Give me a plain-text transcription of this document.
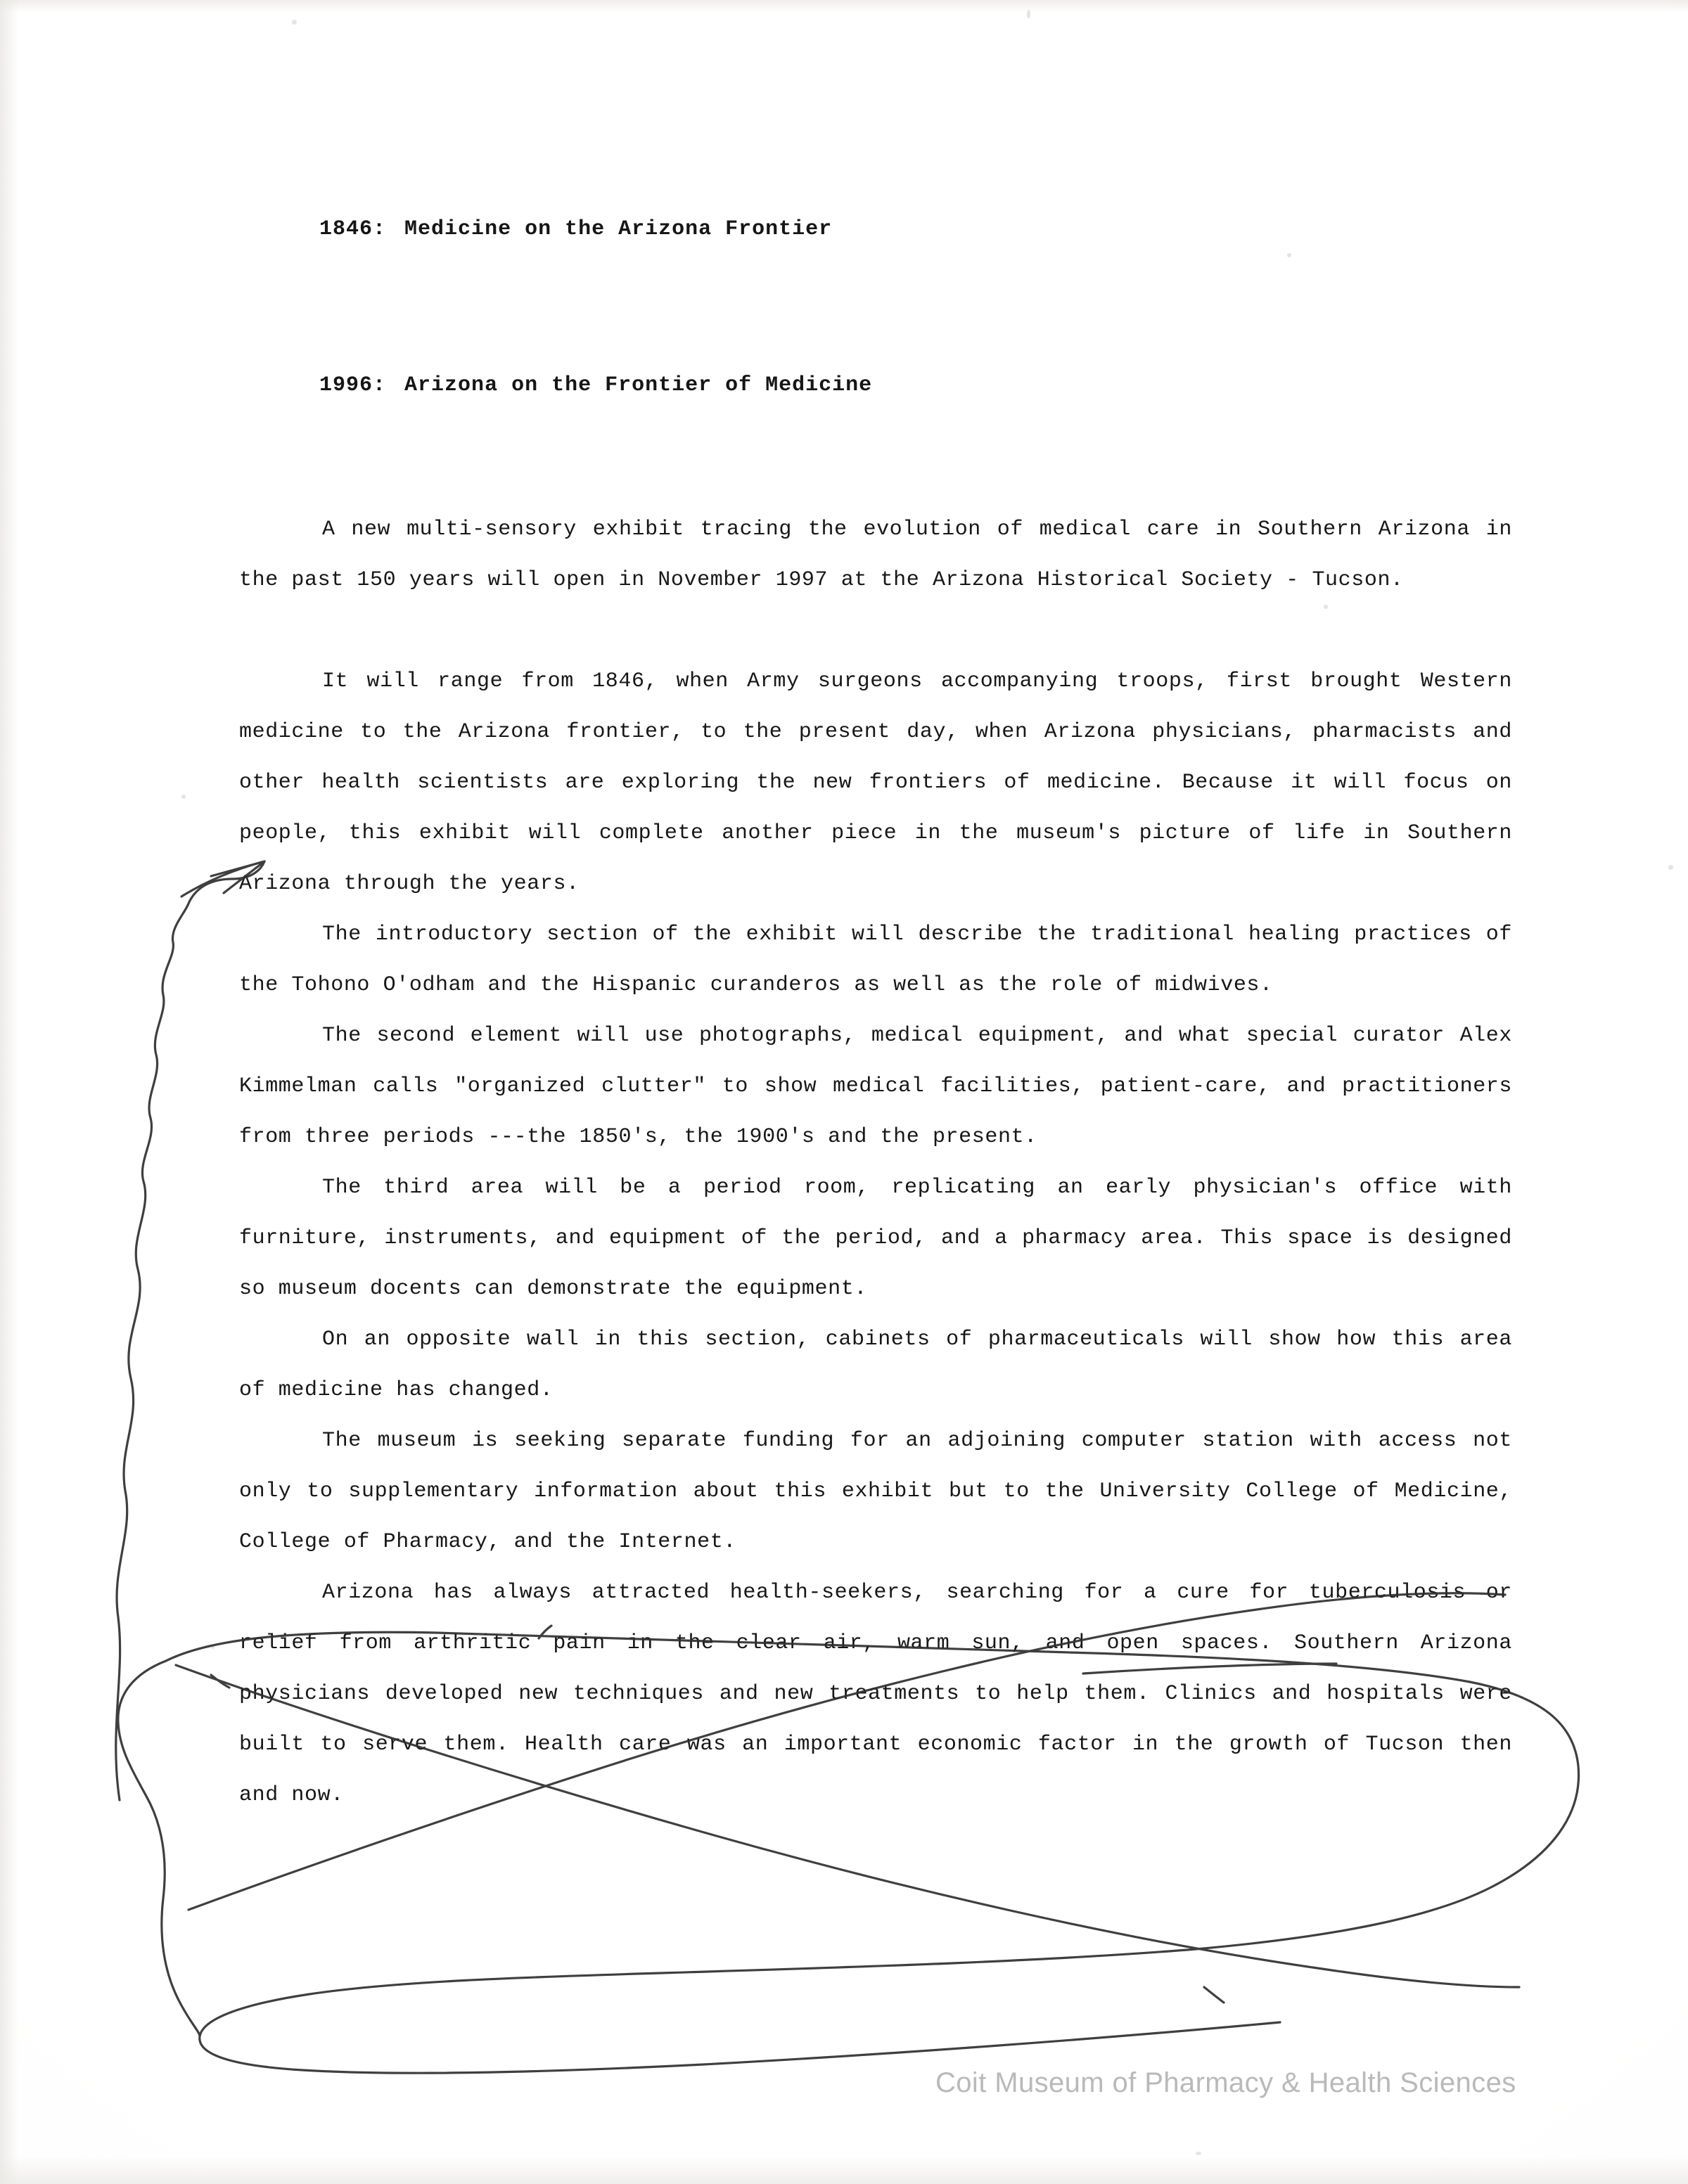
1846: Medicine on the Arizona Frontier

1996: Arizona on the Frontier of Medicine

A new multi-sensory exhibit tracing the evolution of medical care in Southern Arizona in the past 150 years will open in November 1997 at the Arizona Historical Society - Tucson.

It will range from 1846, when Army surgeons accompanying troops, first brought Western medicine to the Arizona frontier, to the present day, when Arizona physicians, pharmacists and other health scientists are exploring the new frontiers of medicine. Because it will focus on people, this exhibit will complete another piece in the museum's picture of life in Southern Arizona through the years.

The introductory section of the exhibit will describe the traditional healing practices of the Tohono O'odham and the Hispanic curanderos as well as the role of midwives.

The second element will use photographs, medical equipment, and what special curator Alex Kimmelman calls "organized clutter" to show medical facilities, patient-care, and practitioners from three periods ---the 1850's, the 1900's and the present.

The third area will be a period room, replicating an early physician's office with furniture, instruments, and equipment of the period, and a pharmacy area. This space is designed so museum docents can demonstrate the equipment.

On an opposite wall in this section, cabinets of pharmaceuticals will show how this area of medicine has changed.

The museum is seeking separate funding for an adjoining computer station with access not only to supplementary information about this exhibit but to the University College of Medicine, College of Pharmacy, and the Internet.

Arizona has always attracted health-seekers, searching for a cure for tuberculosis or relief from arthritic pain in the clear air, warm sun, and open spaces. Southern Arizona physicians developed new techniques and new treatments to help them. Clinics and hospitals were built to serve them. Health care was an important economic factor in the growth of Tucson then and now.

Coit Museum of Pharmacy & Health Sciences
